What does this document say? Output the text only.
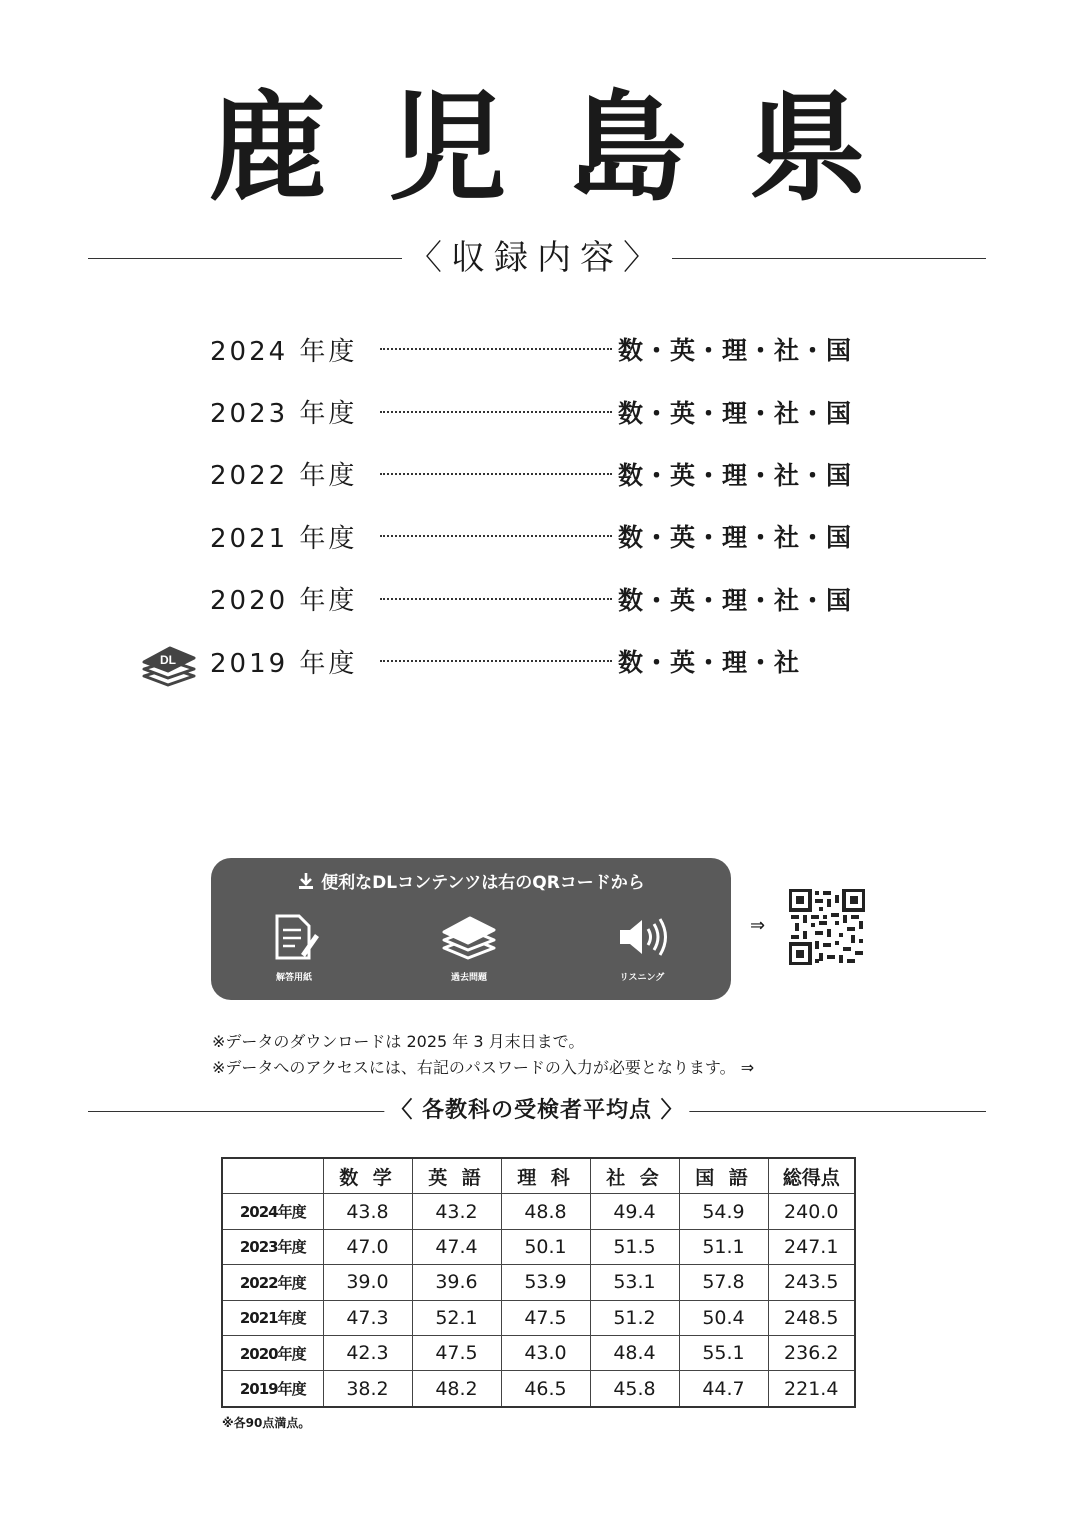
鹿児島県
〈収録内容〉
2024 年度	数・英・理・社・国
2023 年度	数・英・理・社・国
2022 年度	数・英・理・社・国
2021 年度	数・英・理・社・国
2020 年度	数・英・理・社・国
DL 2019 年度	数・英・理・社
便利なDLコンテンツは右のQRコードから
解答用紙	過去問題	リスニング
⇒
※データのダウンロードは 2025 年 3 月末日まで。
※データへのアクセスには、右記のパスワードの入力が必要となります。 ⇒
〈 各教科の受検者平均点 〉
	数 学	英 語	理 科	社 会	国 語	総得点
2024年度	43.8	43.2	48.8	49.4	54.9	240.0
2023年度	47.0	47.4	50.1	51.5	51.1	247.1
2022年度	39.0	39.6	53.9	53.1	57.8	243.5
2021年度	47.3	52.1	47.5	51.2	50.4	248.5
2020年度	42.3	47.5	43.0	48.4	55.1	236.2
2019年度	38.2	48.2	46.5	45.8	44.7	221.4
※各90点満点。
